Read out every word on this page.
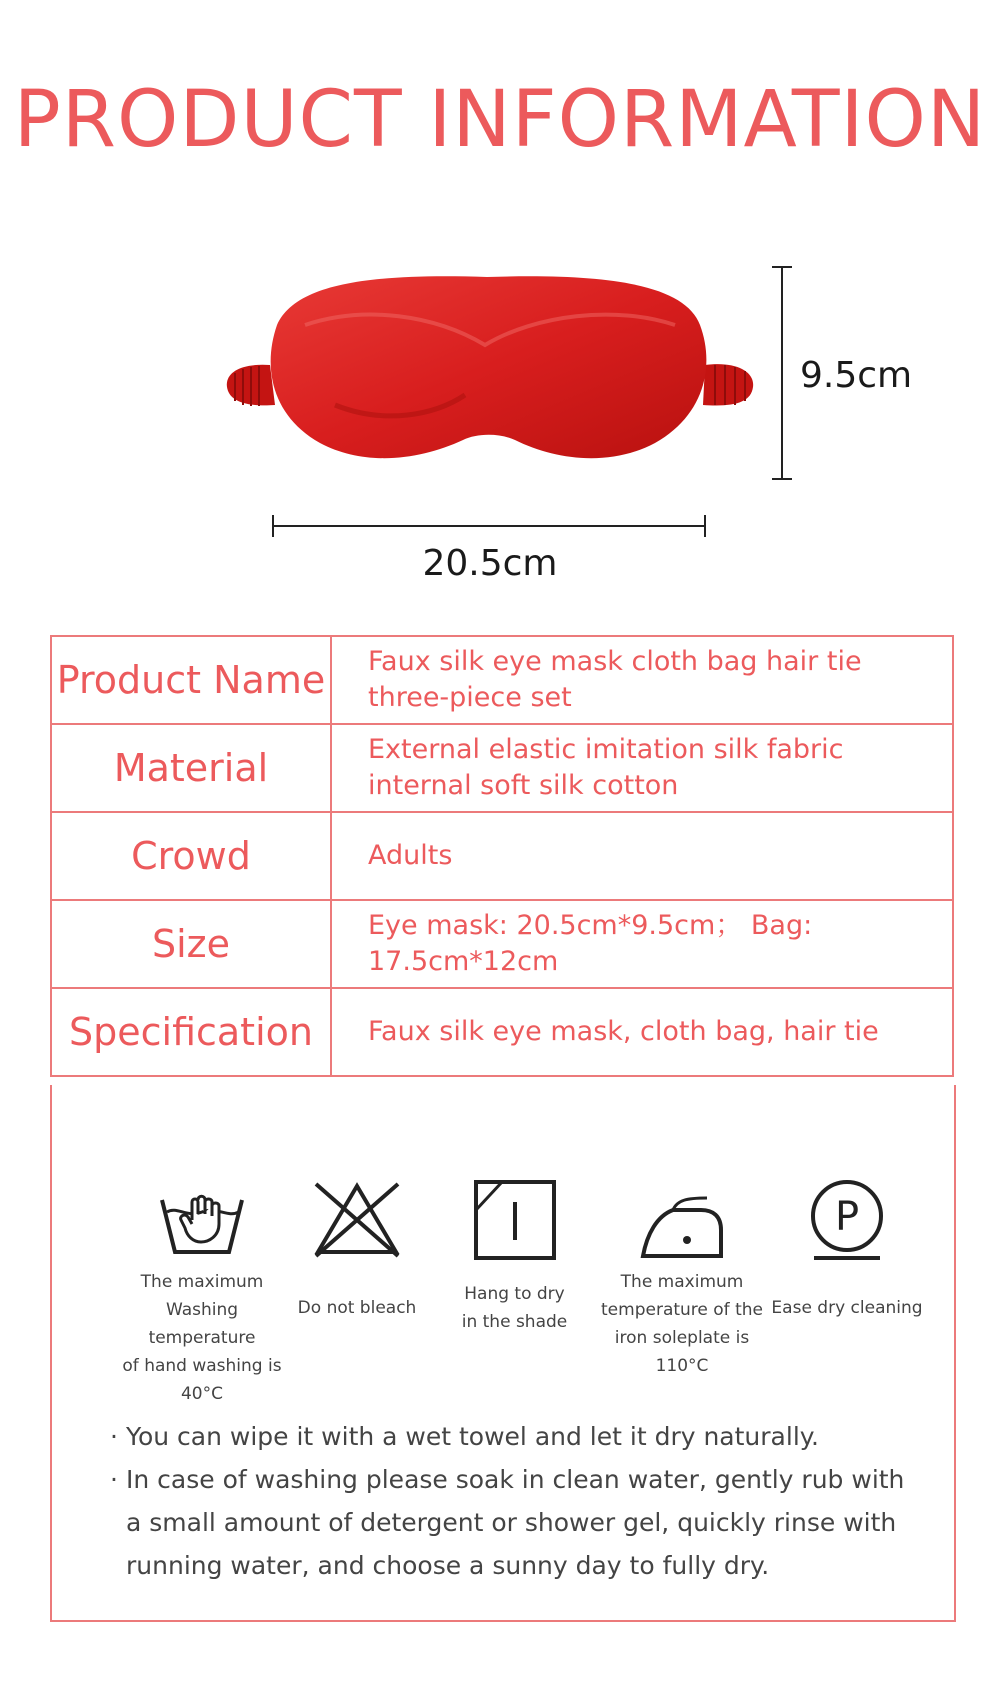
PRODUCT INFORMATION
9.5cm
20.5cm
Product Name	Faux silk eye mask cloth bag hair tie three-piece set
Material	External elastic imitation silk fabric internal soft silk cotton
Crowd	Adults
Size	Eye mask: 20.5cm*9.5cm； Bag: 17.5cm*12cm
Specification	Faux silk eye mask, cloth bag, hair tie
The maximum
Washing temperature
of hand washing is 40°C
Do not bleach
Hang to dry
in the shade
The maximum
temperature of the
iron soleplate is 110°C
P
Ease dry cleaning
· You can wipe it with a wet towel and let it dry naturally.
· In case of washing please soak in clean water, gently rub with a small amount of detergent or shower gel, quickly rinse with running water, and choose a sunny day to fully dry.
